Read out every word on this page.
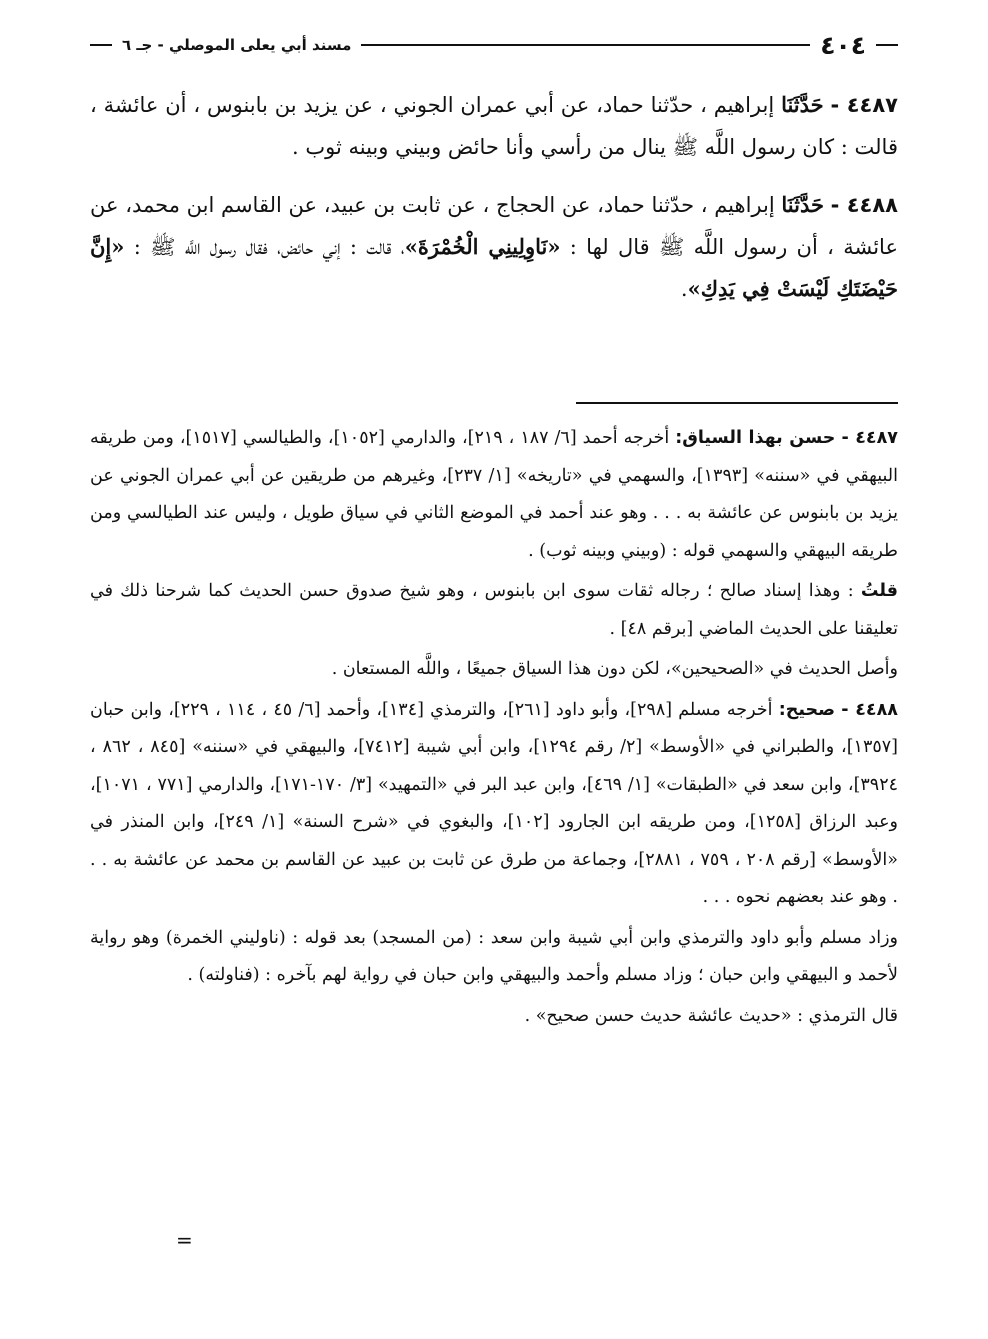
٤٠٤
مسند أبي يعلى الموصلي - جـ ٦

٤٤٨٧ - حَدَّثَنَا إبراهيم ، حدّثنا حماد، عن أبي عمران الجوني ، عن يزيد بن بابنوس ، أن عائشة ، قالت : كان رسول اللَّه ﷺ ينال من رأسي وأنا حائض وبيني وبينه ثوب .

٤٤٨٨ - حَدَّثَنَا إبراهيم ، حدّثنا حماد، عن الحجاج ، عن ثابت بن عبيد، عن القاسم ابن محمد، عن عائشة ، أن رسول اللَّه ﷺ قال لها : «نَاوِلِينِي الْخُمْرَةَ»، قالت : إني حائض، فقال رسول اللَّه ﷺ : «إِنَّ حَيْضَتَكِ لَيْسَتْ فِي يَدِكِ».

٤٤٨٧ - حسن بهذا السياق: أخرجه أحمد [٦/ ١٨٧ ، ٢١٩]، والدارمي [١٠٥٢]، والطيالسي [١٥١٧]، ومن طريقه البيهقي في «سننه» [١٣٩٣]، والسهمي في «تاريخه» [١/ ٢٣٧]، وغيرهم من طريقين عن أبي عمران الجوني عن يزيد بن بابنوس عن عائشة به . . . وهو عند أحمد في الموضع الثاني في سياق طويل ، وليس عند الطيالسي ومن طريقه البيهقي والسهمي قوله : (وبيني وبينه ثوب) .

قلتُ : وهذا إسناد صالح ؛ رجاله ثقات سوى ابن بابنوس ، وهو شيخ صدوق حسن الحديث كما شرحنا ذلك في تعليقنا على الحديث الماضي [برقم ٤٨] .

وأصل الحديث في «الصحيحين»، لكن دون هذا السياق جميعًا ، واللَّه المستعان .

٤٤٨٨ - صحيح: أخرجه مسلم [٢٩٨]، وأبو داود [٢٦١]، والترمذي [١٣٤]، وأحمد [٦/ ٤٥ ، ١١٤ ، ٢٢٩]، وابن حبان [١٣٥٧]، والطبراني في «الأوسط» [٢/ رقم ١٢٩٤]، وابن أبي شيبة [٧٤١٢]، والبيهقي في «سننه» [٨٤٥ ، ٨٦٢ ، ٣٩٢٤]، وابن سعد في «الطبقات» [١/ ٤٦٩]، وابن عبد البر في «التمهيد» [٣/ ١٧٠-١٧١]، والدارمي [٧٧١ ، ١٠٧١]، وعبد الرزاق [١٢٥٨]، ومن طريقه ابن الجارود [١٠٢]، والبغوي في «شرح السنة» [١/ ٢٤٩]، وابن المنذر في «الأوسط» [رقم ٢٠٨ ، ٧٥٩ ، ٢٨٨١]، وجماعة من طرق عن ثابت بن عبيد عن القاسم بن محمد عن عائشة به . . . وهو عند بعضهم نحوه . . .

وزاد مسلم وأبو داود والترمذي وابن أبي شيبة وابن سعد : (من المسجد) بعد قوله : (ناوليني الخمرة) وهو رواية لأحمد و البيهقي وابن حبان ؛ وزاد مسلم وأحمد والبيهقي وابن حبان في رواية لهم بآخره : (فناولته) .

قال الترمذي : «حديث عائشة حديث حسن صحيح» .

=
